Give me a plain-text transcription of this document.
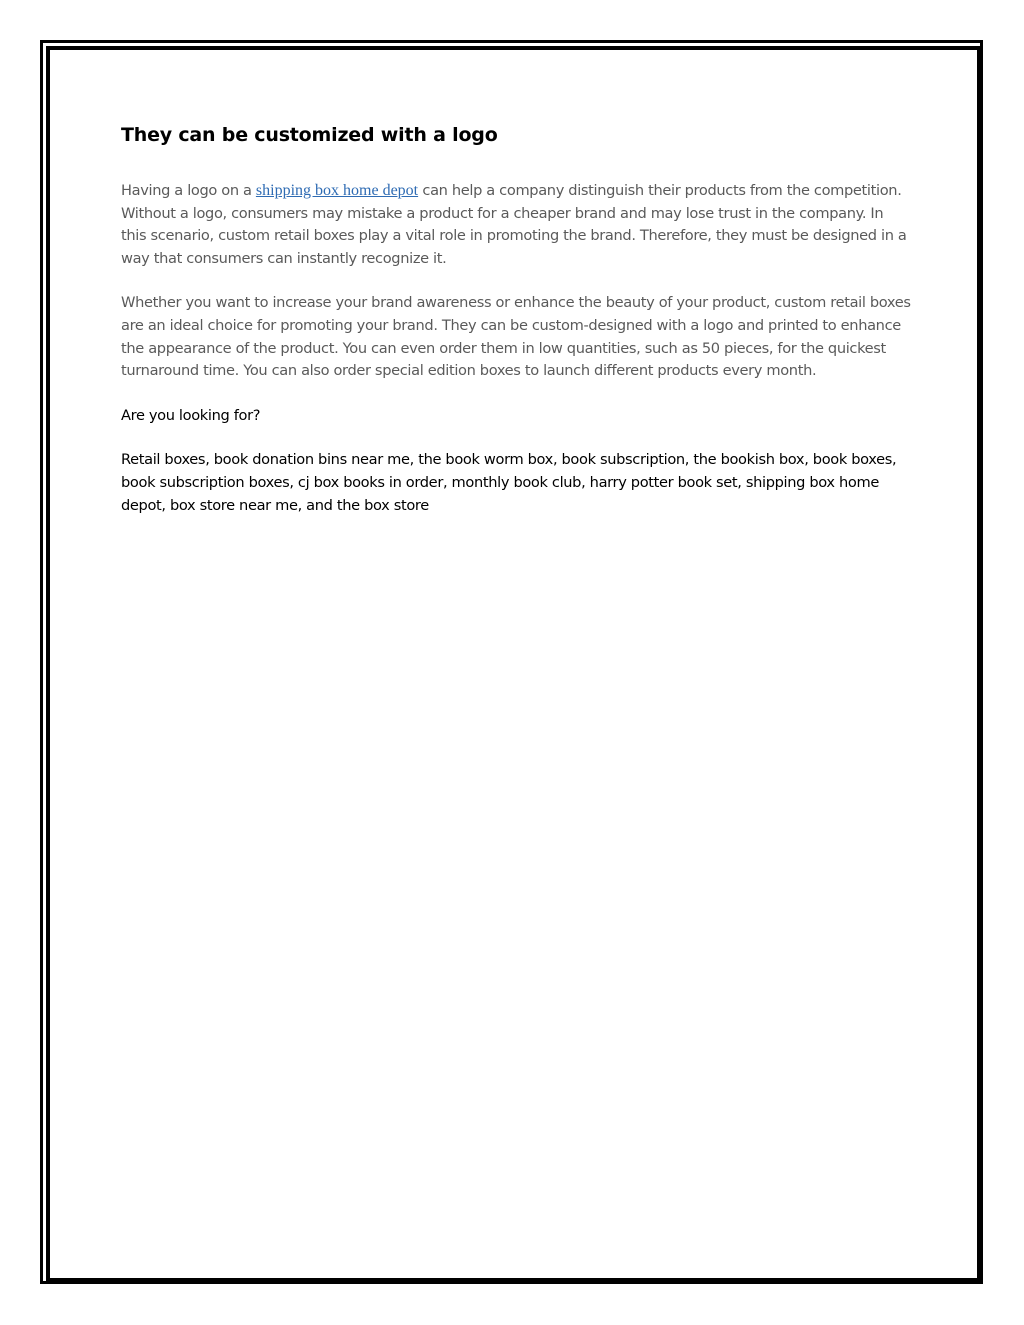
They can be customized with a logo

Having a logo on a shipping box home depot can help a company distinguish their products from the competition. Without a logo, consumers may mistake a product for a cheaper brand and may lose trust in the company. In this scenario, custom retail boxes play a vital role in promoting the brand. Therefore, they must be designed in a way that consumers can instantly recognize it.

Whether you want to increase your brand awareness or enhance the beauty of your product, custom retail boxes are an ideal choice for promoting your brand. They can be custom-designed with a logo and printed to enhance the appearance of the product. You can even order them in low quantities, such as 50 pieces, for the quickest turnaround time. You can also order special edition boxes to launch different products every month.

Are you looking for?

Retail boxes, book donation bins near me, the book worm box, book subscription, the bookish box, book boxes, book subscription boxes, cj box books in order, monthly book club, harry potter book set, shipping box home depot, box store near me, and the box store
